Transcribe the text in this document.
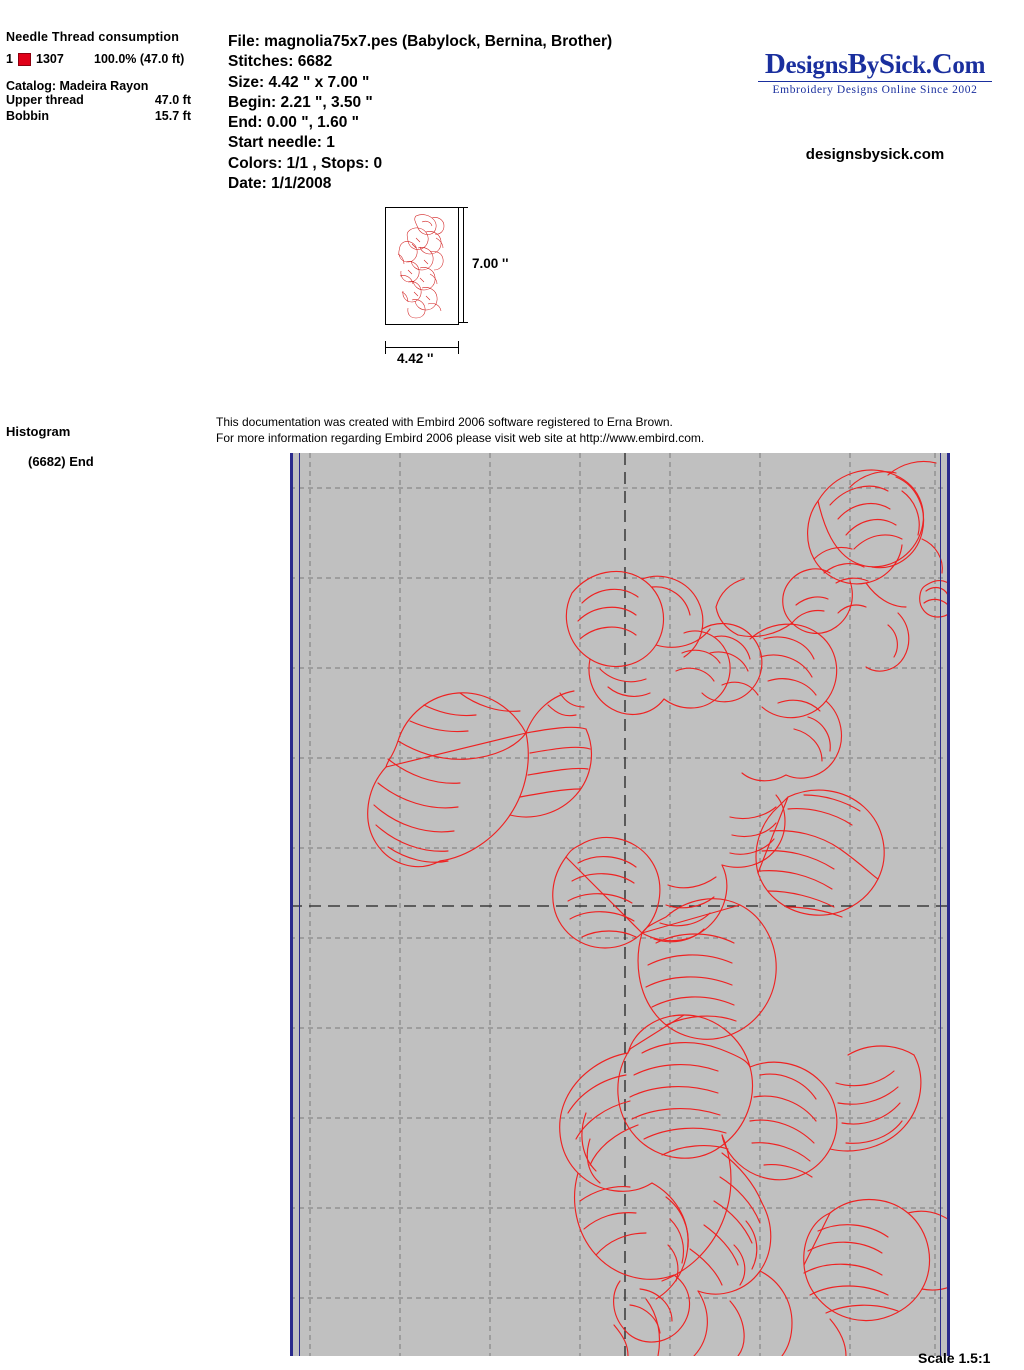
Needle Thread consumption
1 1307	100.0% (47.0 ft)
Catalog: Madeira Rayon
Upper thread	47.0 ft
Bobbin	15.7 ft
File: magnolia75x7.pes (Babylock, Bernina, Brother)
Stitches: 6682
Size: 4.42 " x 7.00 "
Begin: 2.21 ", 3.50 "
End: 0.00 ", 1.60 "
Start needle: 1
Colors: 1/1 , Stops: 0
Date: 1/1/2008
DesignsBySick.Com
Embroidery Designs Online Since 2002
designsbysick.com
7.00 ''
4.42 ''
This documentation was created with Embird 2006 software registered to Erna Brown.
For more information regarding Embird 2006 please visit web site at http://www.embird.com.
Histogram
(6682) End
Scale 1.5:1
